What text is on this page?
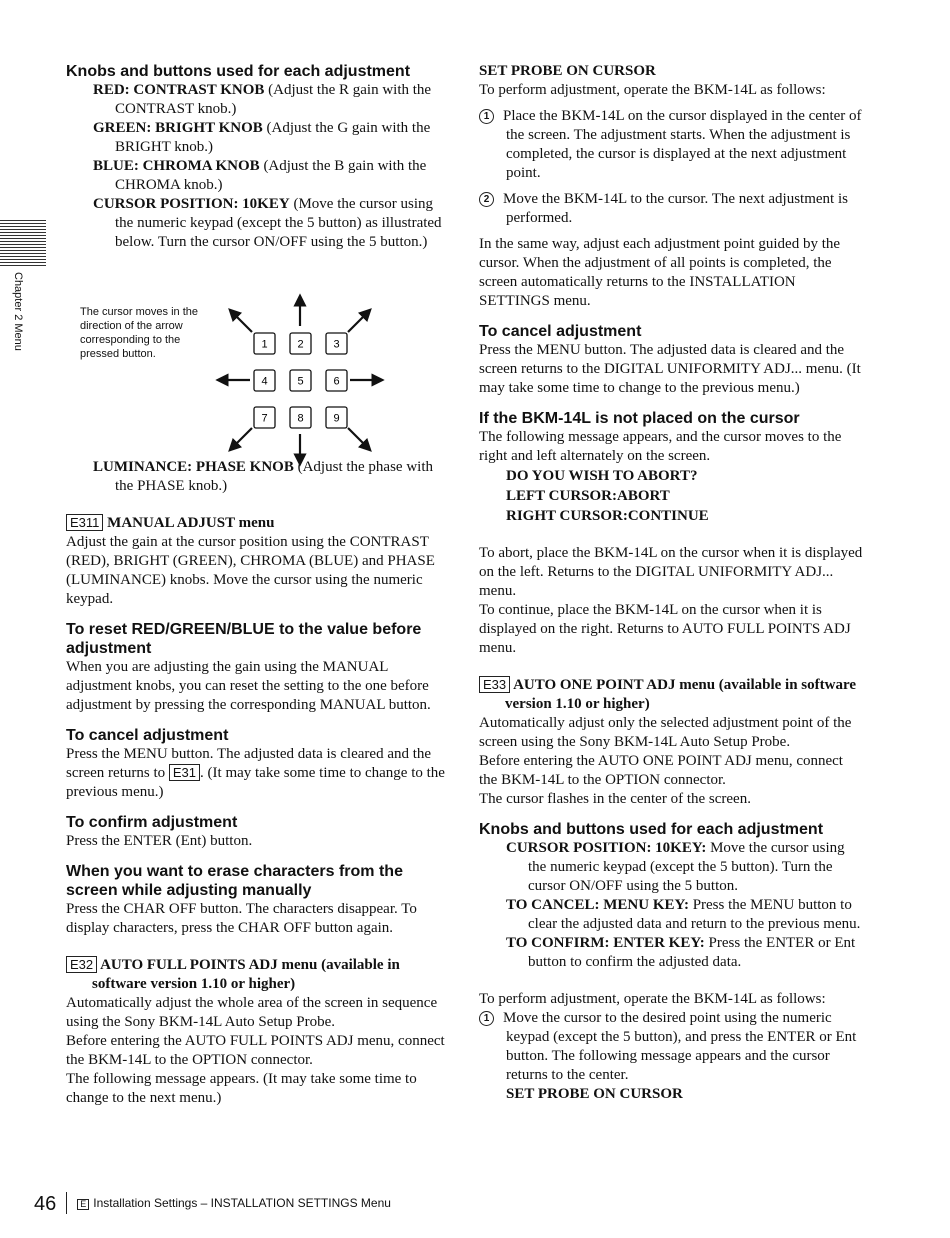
Chapter 2 Menu
Knobs and buttons used for each adjustment

RED: CONTRAST KNOB (Adjust the R gain with the CONTRAST knob.)

GREEN: BRIGHT KNOB (Adjust the G gain with the BRIGHT knob.)

BLUE: CHROMA KNOB (Adjust the B gain with the CHROMA knob.)

CURSOR POSITION: 10KEY (Move the cursor using the numeric keypad (except the 5 button) as illustrated below. Turn the cursor ON/OFF using the 5 button.)

LUMINANCE: PHASE KNOB (Adjust the phase with the PHASE knob.)

E311 MANUAL ADJUST menu

Adjust the gain at the cursor position using the CONTRAST (RED), BRIGHT (GREEN), CHROMA (BLUE) and PHASE (LUMINANCE) knobs. Move the cursor using the numeric keypad.

To reset RED/GREEN/BLUE to the value before adjustment

When you are adjusting the gain using the MANUAL adjustment knobs, you can reset the setting to the one before adjustment by pressing the corresponding MANUAL button.

To cancel adjustment

Press the MENU button. The adjusted data is cleared and the screen returns to E31 . (It may take some time to change to the previous menu.)

To confirm adjustment

Press the ENTER (Ent) button.

When you want to erase characters from the screen while adjusting manually

Press the CHAR OFF button. The characters disappear. To display characters, press the CHAR OFF button again.

E32 AUTO FULL POINTS ADJ menu (available in software version 1.10 or higher)

Automatically adjust the whole area of the screen in sequence using the Sony BKM-14L Auto Setup Probe.

Before entering the AUTO FULL POINTS ADJ menu, connect the BKM-14L to the OPTION connector.

The following message appears. (It may take some time to change to the next menu.)

The cursor moves in the direction of the arrow corresponding to the pressed button.
1	2	3
4	5	6
7	8	9

SET PROBE ON CURSOR

To perform adjustment, operate the BKM-14L as follows:

1 Place the BKM-14L on the cursor displayed in the center of the screen. The adjustment starts. When the adjustment is completed, the cursor is displayed at the next adjustment point.

2 Move the BKM-14L to the cursor. The next adjustment is performed.

In the same way, adjust each adjustment point guided by the cursor. When the adjustment of all points is completed, the screen automatically returns to the INSTALLATION SETTINGS menu.

To cancel adjustment

Press the MENU button. The adjusted data is cleared and the screen returns to the DIGITAL UNIFORMITY ADJ... menu. (It may take some time to change to the previous menu.)

If the BKM-14L is not placed on the cursor

The following message appears, and the cursor moves to the right and left alternately on the screen.

DO YOU WISH TO ABORT?

LEFT CURSOR:ABORT

RIGHT CURSOR:CONTINUE

To abort, place the BKM-14L on the cursor when it is displayed on the left. Returns to the DIGITAL UNIFORMITY ADJ... menu.

To continue, place the BKM-14L on the cursor when it is displayed on the right. Returns to AUTO FULL POINTS ADJ menu.

E33 AUTO ONE POINT ADJ menu (available in software version 1.10 or higher)

Automatically adjust only the selected adjustment point of the screen using the Sony BKM-14L Auto Setup Probe.

Before entering the AUTO ONE POINT ADJ menu, connect the BKM-14L to the OPTION connector.

The cursor flashes in the center of the screen.

Knobs and buttons used for each adjustment

CURSOR POSITION: 10KEY: Move the cursor using the numeric keypad (except the 5 button). Turn the cursor ON/OFF using the 5 button.

TO CANCEL: MENU KEY: Press the MENU button to clear the adjusted data and return to the previous menu.

TO CONFIRM: ENTER KEY: Press the ENTER or Ent button to confirm the adjusted data.

To perform adjustment, operate the BKM-14L as follows:

1 Move the cursor to the desired point using the numeric keypad (except the 5 button), and press the ENTER or Ent button. The following message appears and the cursor returns to the center.

SET PROBE ON CURSOR

46	E Installation Settings – INSTALLATION SETTINGS Menu
